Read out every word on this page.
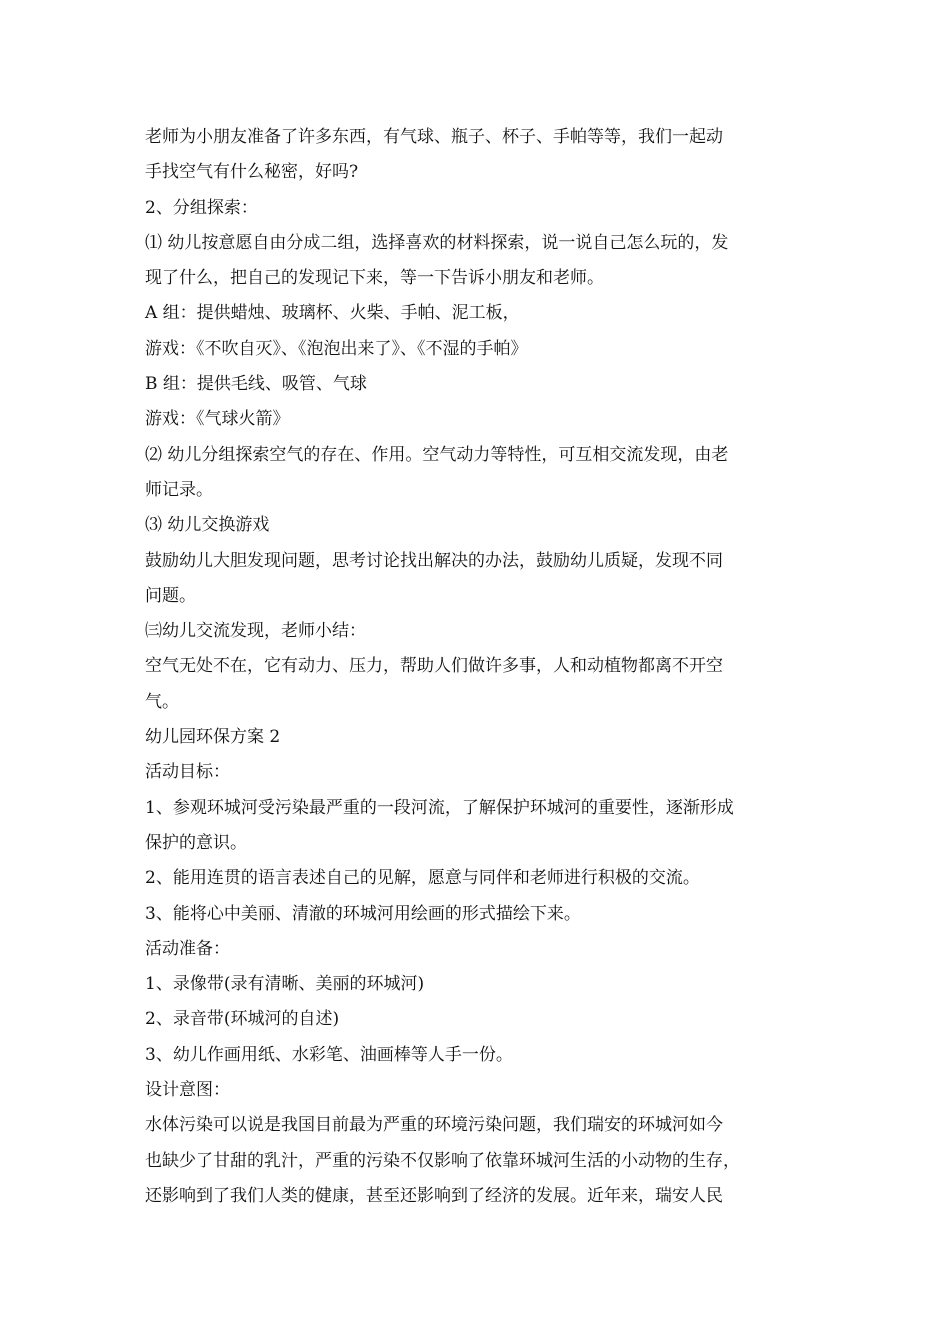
老师为小朋友准备了许多东西，有气球、瓶子、杯子、手帕等等，我们一起动
手找空气有什么秘密，好吗?
2、分组探索：
⑴ 幼儿按意愿自由分成二组，选择喜欢的材料探索，说一说自己怎么玩的，发
现了什么，把自己的发现记下来，等一下告诉小朋友和老师。
A 组：提供蜡烛、玻璃杯、火柴、手帕、泥工板，
游戏：《不吹自灭》、《泡泡出来了》、《不湿的手帕》
B 组：提供毛线、吸管、气球
游戏：《气球火箭》
⑵ 幼儿分组探索空气的存在、作用。空气动力等特性，可互相交流发现，由老
师记录。
⑶ 幼儿交换游戏
鼓励幼儿大胆发现问题，思考讨论找出解决的办法，鼓励幼儿质疑，发现不同
问题。
㈢幼儿交流发现，老师小结：
空气无处不在，它有动力、压力，帮助人们做许多事，人和动植物都离不开空
气。
幼儿园环保方案 2
活动目标：
1、参观环城河受污染最严重的一段河流，了解保护环城河的重要性，逐渐形成
保护的意识。
2、能用连贯的语言表述自己的见解，愿意与同伴和老师进行积极的交流。
3、能将心中美丽、清澈的环城河用绘画的形式描绘下来。
活动准备：
1、录像带(录有清晰、美丽的环城河)
2、录音带(环城河的自述)
3、幼儿作画用纸、水彩笔、油画棒等人手一份。
设计意图：
水体污染可以说是我国目前最为严重的环境污染问题，我们瑞安的环城河如今
也缺少了甘甜的乳汁，严重的污染不仅影响了依靠环城河生活的小动物的生存，
还影响到了我们人类的健康，甚至还影响到了经济的发展。近年来，瑞安人民
